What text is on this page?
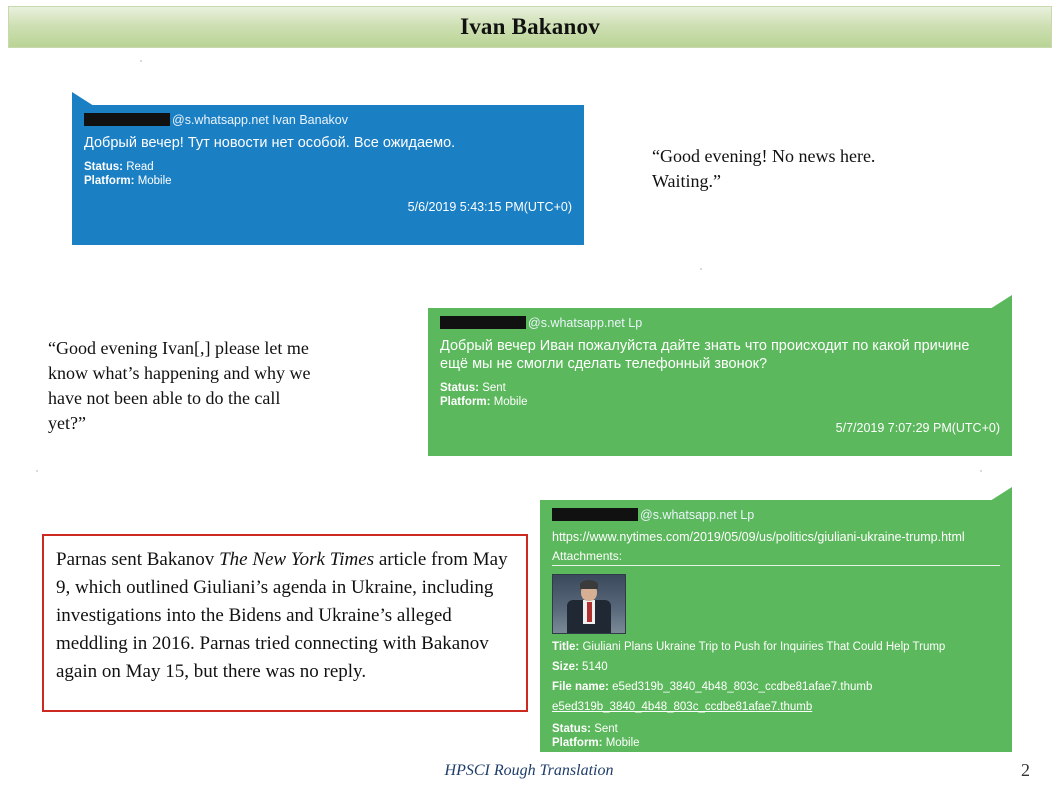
Ivan Bakanov
@s.whatsapp.net Ivan Banakov
Добрый вечер! Тут новости нет особой. Все ожидаемо.
Status: Read
Platform: Mobile
5/6/2019 5:43:15 PM(UTC+0)
“Good evening! No news here.
Waiting.”
@s.whatsapp.net Lp
Добрый вечер Иван пожалуйста дайте знать что происходит по какой причине ещё мы не смогли сделать телефонный звонок?
Status: Sent
Platform: Mobile
5/7/2019 7:07:29 PM(UTC+0)
“Good evening Ivan[,] please let me
know what’s happening and why we
have not been able to do the call
yet?”
@s.whatsapp.net Lp
https://www.nytimes.com/2019/05/09/us/politics/giuliani-ukraine-trump.html
Attachments:
Title: Giuliani Plans Ukraine Trip to Push for Inquiries That Could Help Trump
Size: 5140
File name: e5ed319b_3840_4b48_803c_ccdbe81afae7.thumb
e5ed319b_3840_4b48_803c_ccdbe81afae7.thumb
Status: Sent
Platform: Mobile
5/10/2019 8:02:23 AM(UTC+0)
Parnas sent Bakanov The New York Times article from May 9, which outlined Giuliani’s agenda in Ukraine, including investigations into the Bidens and Ukraine’s alleged meddling in 2016. Parnas tried connecting with Bakanov again on May 15, but there was no reply.
HPSCI Rough Translation	2
